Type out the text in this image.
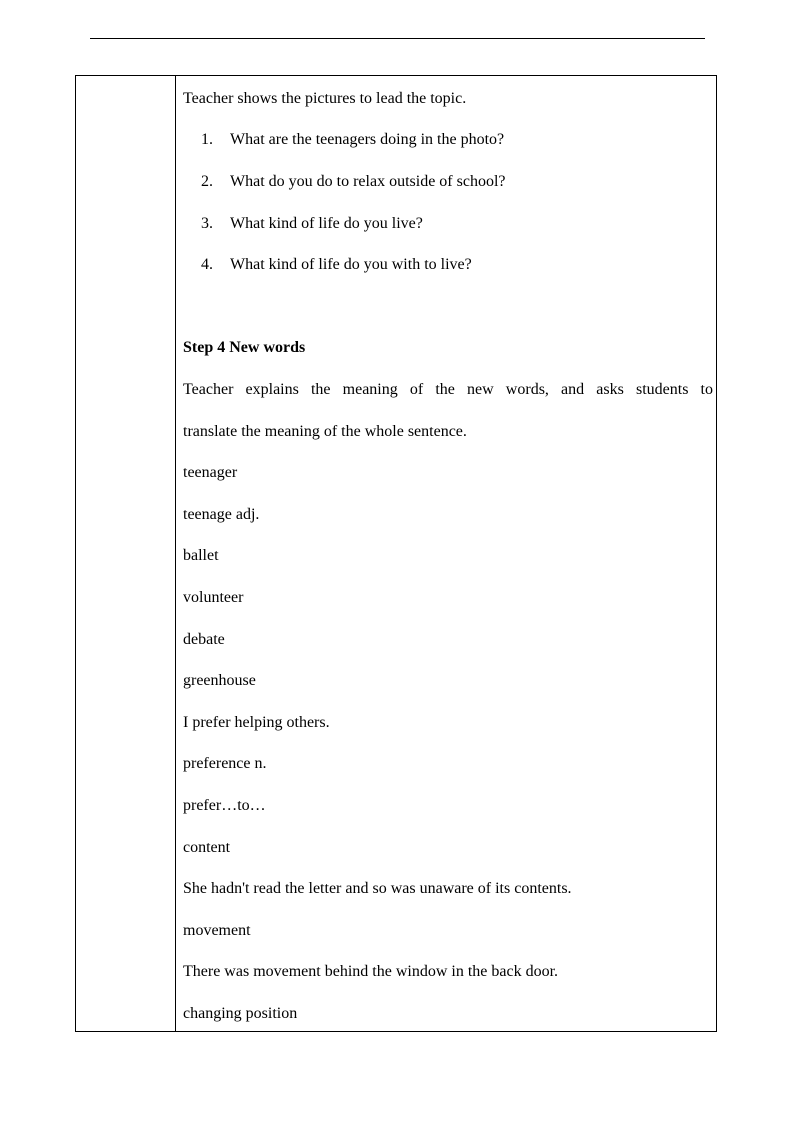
Teacher shows the pictures to lead the topic.
1.	What are the teenagers doing in the photo?
2.	What do you do to relax outside of school?
3.	What kind of life do you live?
4.	What kind of life do you with to live?
Step 4 New words
Teacher explains the meaning of the new words, and asks students to
translate the meaning of the whole sentence.
teenager
teenage adj.
ballet
volunteer
debate
greenhouse
I prefer helping others.
preference n.
prefer…to…
content
She hadn't read the letter and so was unaware of its contents.
movement
There was movement behind the window in the back door.
changing position
